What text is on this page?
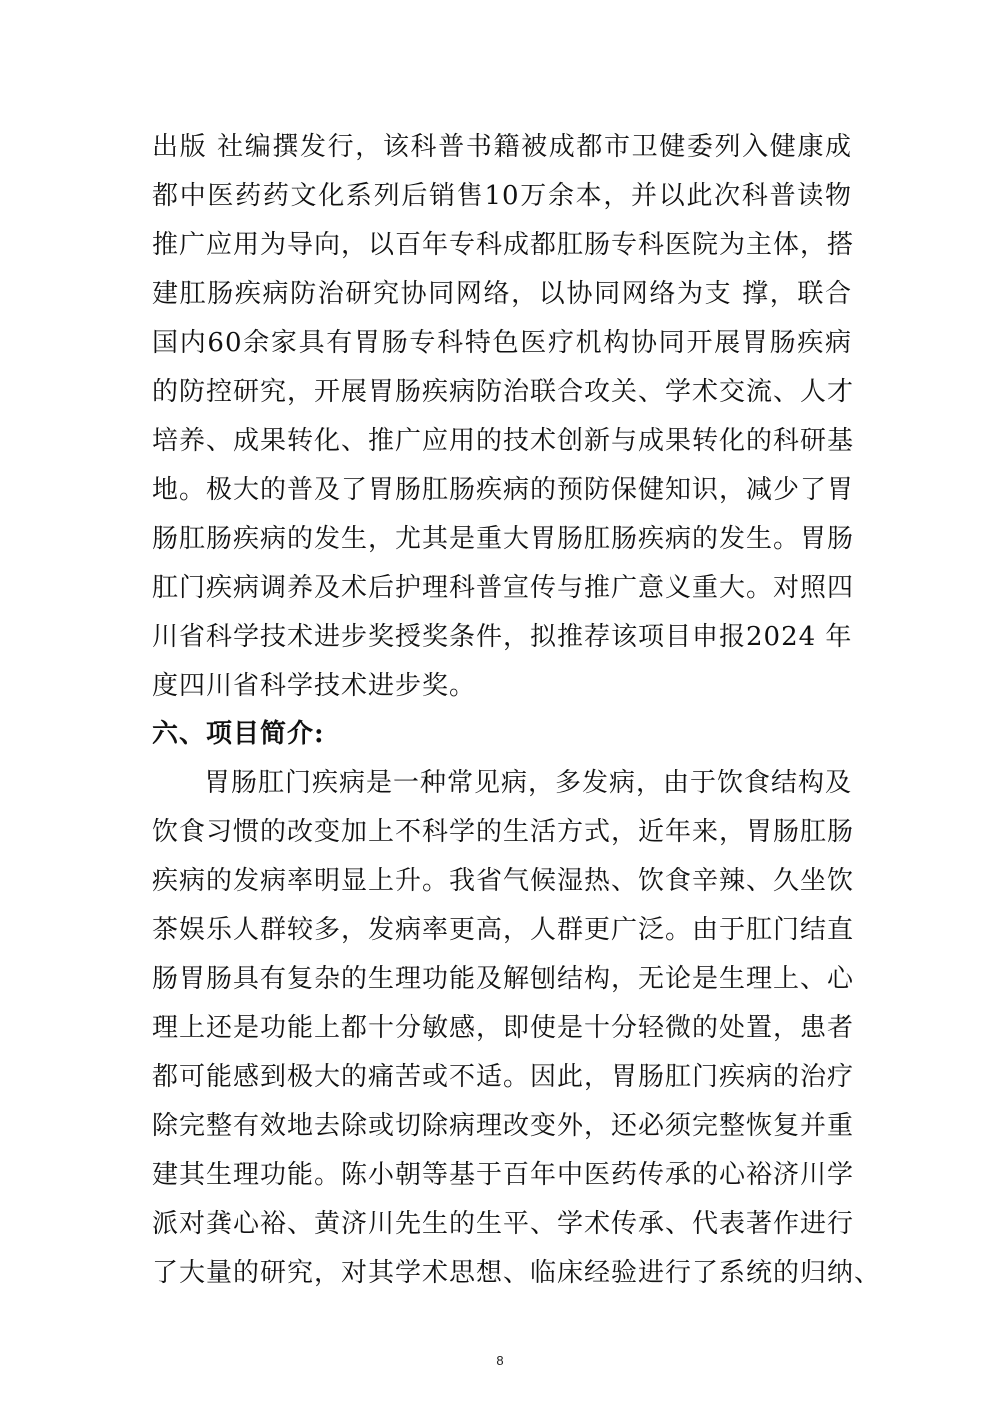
出版 社编撰发行，该科普书籍被成都市卫健委列入健康成
都中医药药文化系列后销售10万余本，并以此次科普读物
推广应用为导向，以百年专科成都肛肠专科医院为主体，搭
建肛肠疾病防治研究协同网络，以协同网络为支 撑，联合
国内60余家具有胃肠专科特色医疗机构协同开展胃肠疾病
的防控研究，开展胃肠疾病防治联合攻关、学术交流、人才
培养、成果转化、推广应用的技术创新与成果转化的科研基
地。极大的普及了胃肠肛肠疾病的预防保健知识，减少了胃
肠肛肠疾病的发生，尤其是重大胃肠肛肠疾病的发生。胃肠
肛门疾病调养及术后护理科普宣传与推广意义重大。对照四
川省科学技术进步奖授奖条件，拟推荐该项目申报2024 年
度四川省科学技术进步奖。
六、项目简介:
胃肠肛门疾病是一种常见病，多发病，由于饮食结构及
饮食习惯的改变加上不科学的生活方式，近年来，胃肠肛肠
疾病的发病率明显上升。我省气候湿热、饮食辛辣、久坐饮
茶娱乐人群较多，发病率更高，人群更广泛。由于肛门结直
肠胃肠具有复杂的生理功能及解刨结构，无论是生理上、心
理上还是功能上都十分敏感，即使是十分轻微的处置，患者
都可能感到极大的痛苦或不适。因此，胃肠肛门疾病的治疗
除完整有效地去除或切除病理改变外，还必须完整恢复并重
建其生理功能。陈小朝等基于百年中医药传承的心裕济川学
派对龚心裕、黄济川先生的生平、学术传承、代表著作进行
了大量的研究，对其学术思想、临床经验进行了系统的归纳、
8
